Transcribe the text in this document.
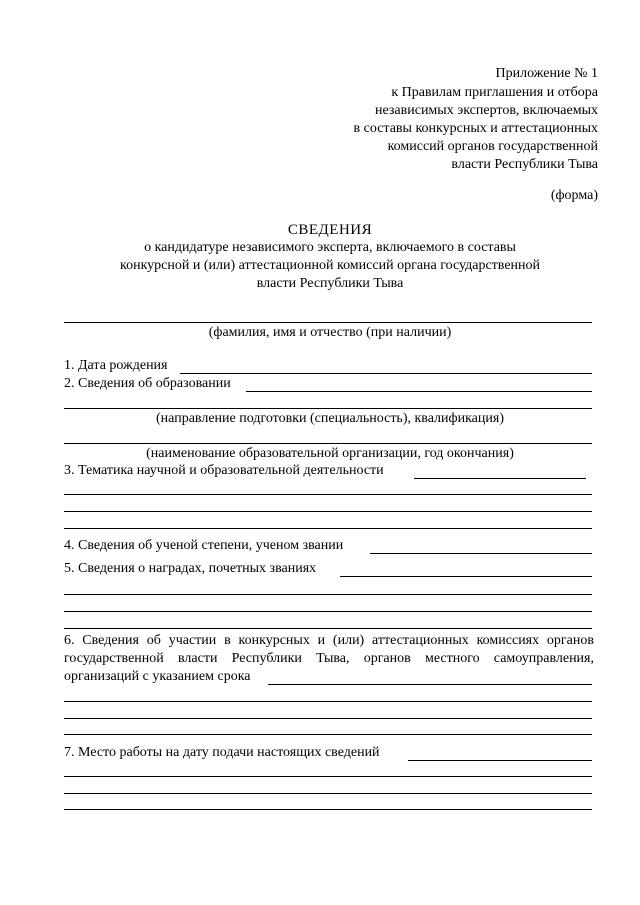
Приложение № 1
к Правилам приглашения и отбора
независимых экспертов, включаемых
в составы конкурсных и аттестационных
комиссий органов государственной
власти Республики Тыва
(форма)
СВЕДЕНИЯ
о кандидатуре независимого эксперта, включаемого в составы
конкурсной и (или) аттестационной комиссий органа государственной
власти Республики Тыва
(фамилия, имя и отчество (при наличии)
1. Дата рождения
2. Сведения об образовании
(направление подготовки (специальность), квалификация)
(наименование образовательной организации, год окончания)
3. Тематика научной и образовательной деятельности
4. Сведения об ученой степени, ученом звании
5. Сведения о наградах, почетных званиях
6. Сведения об участии в конкурсных и (или) аттестационных комиссиях органов
государственной власти Республики Тыва, органов местного самоуправления,
организаций с указанием срока
7. Место работы на дату подачи настоящих сведений
